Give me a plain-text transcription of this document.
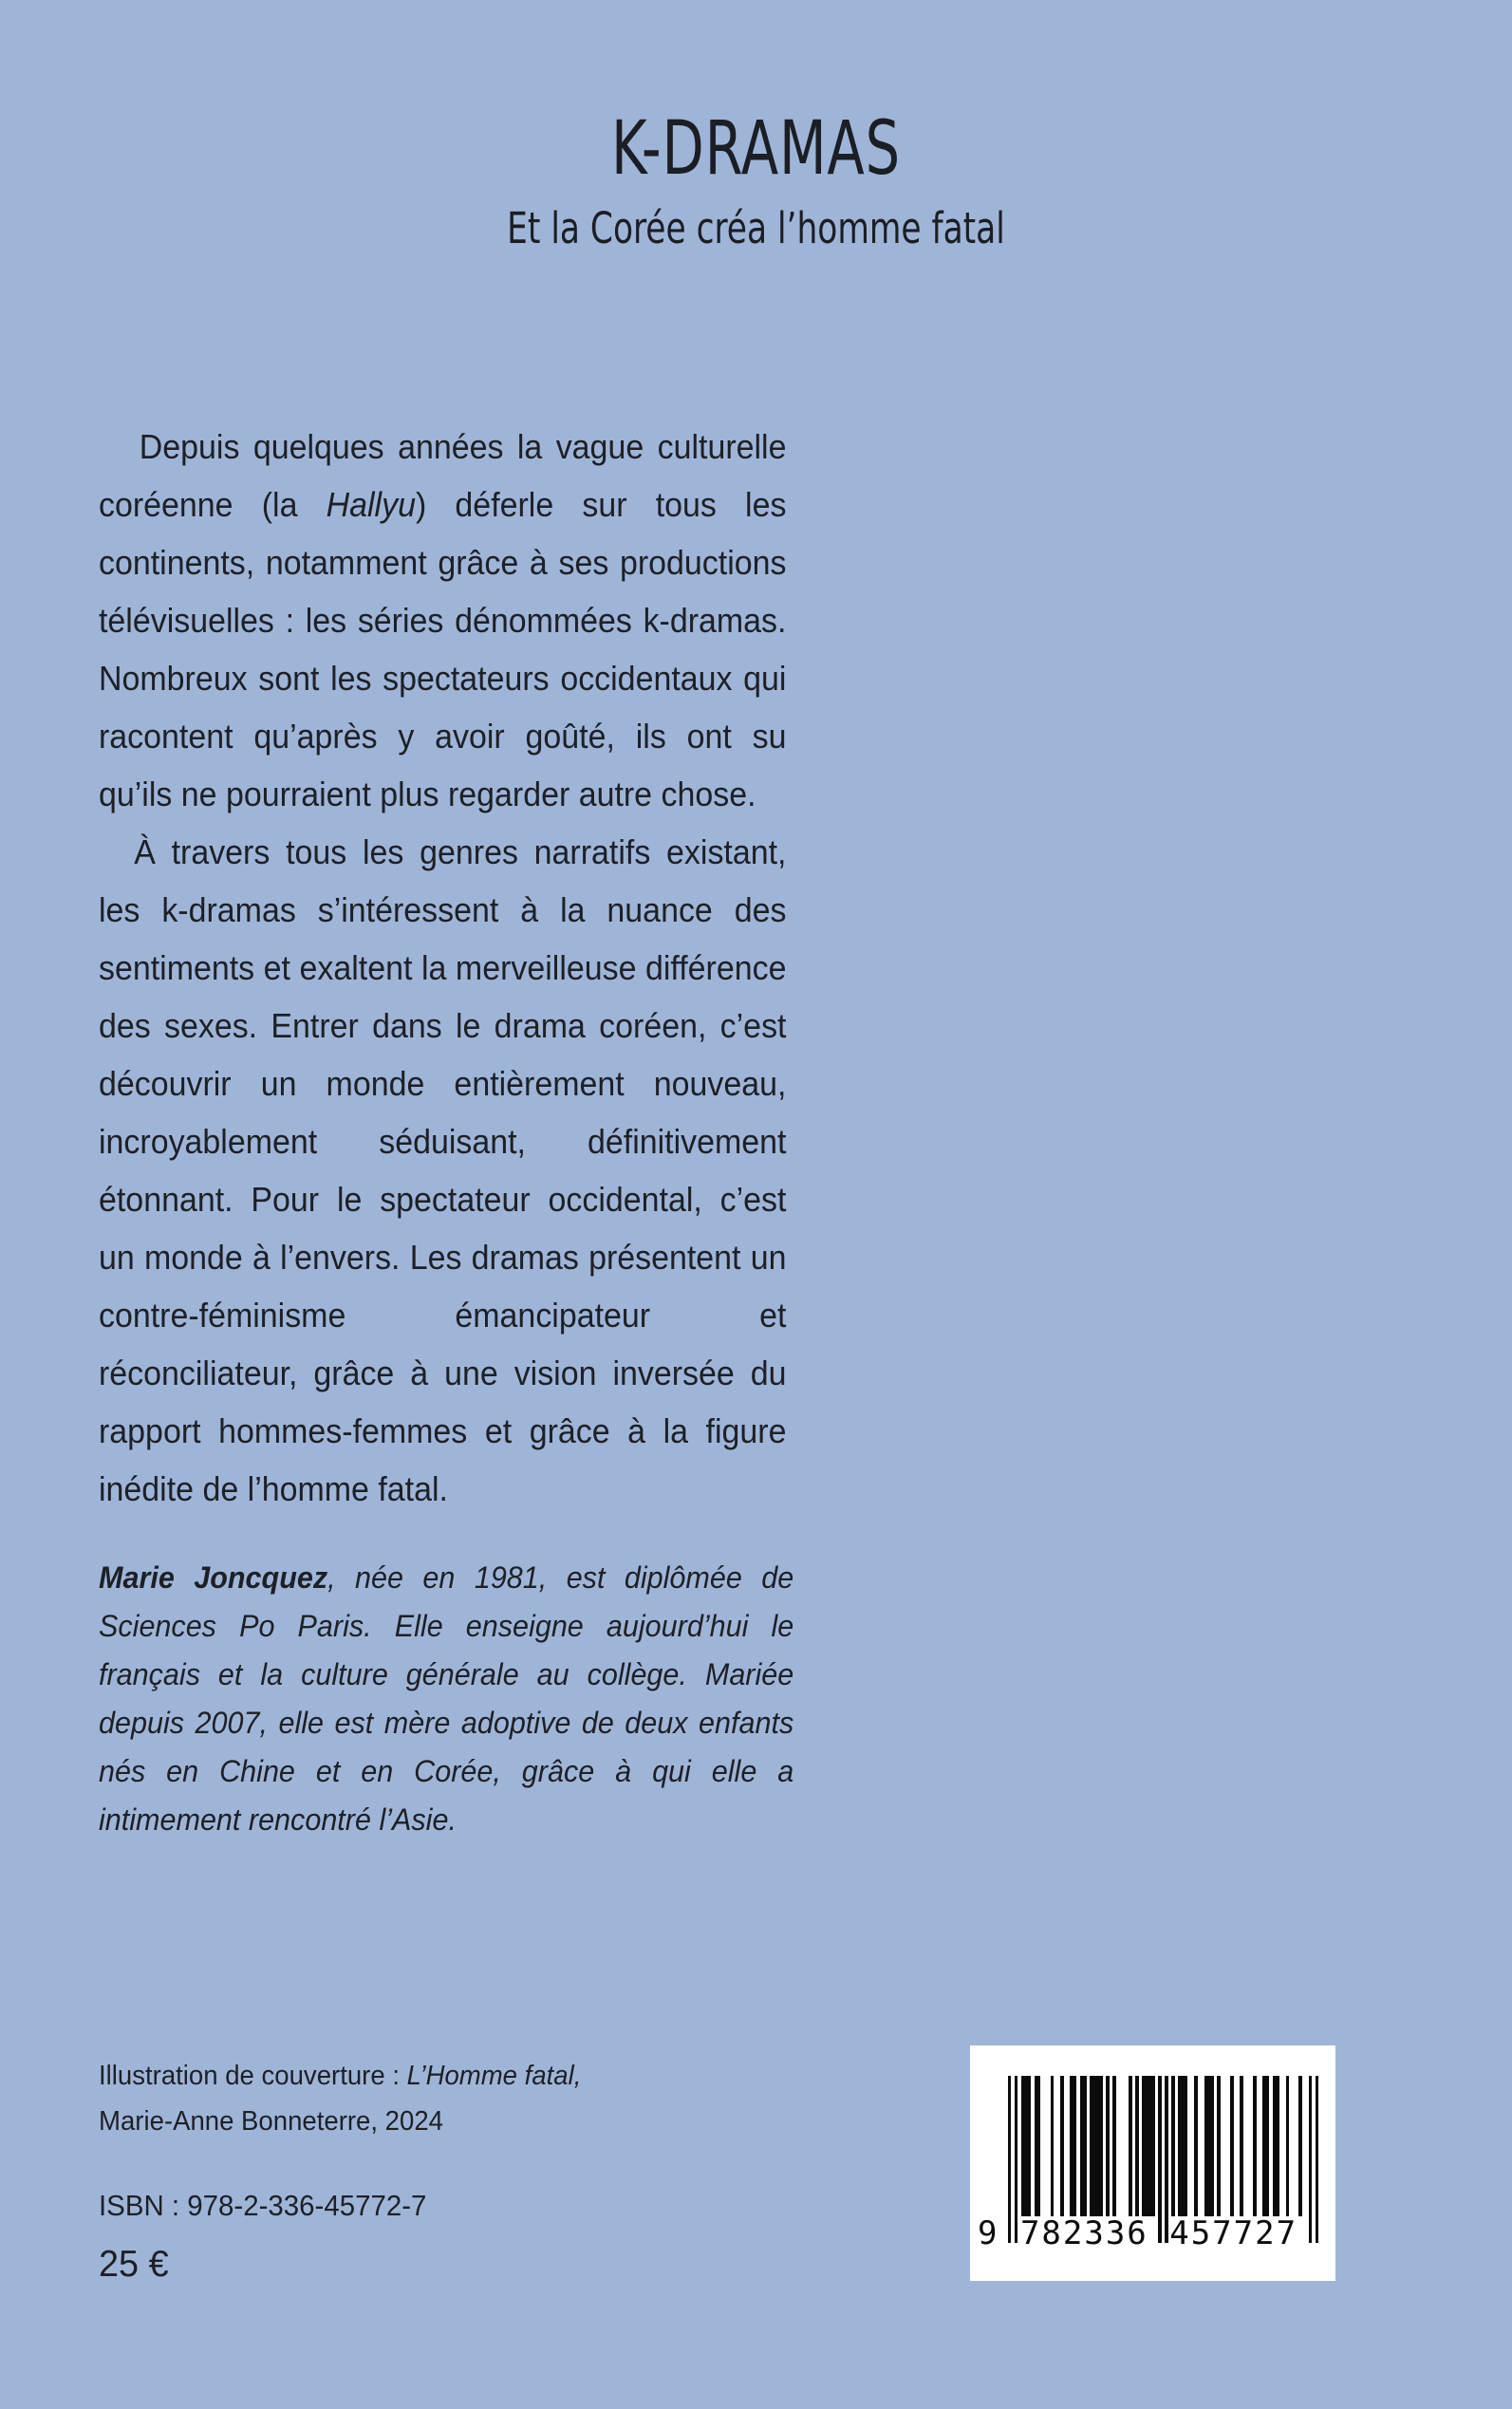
K-DRAMAS
Et la Corée créa l’homme fatal

Depuis quelques années la vague culturelle coréenne (la Hallyu) déferle sur tous les continents, notamment grâce à ses productions télévisuelles : les séries dénommées k-dramas. Nombreux sont les spectateurs occidentaux qui racontent qu’après y avoir goûté, ils ont su qu’ils ne pourraient plus regarder autre chose.

À travers tous les genres narratifs existant, les k-dramas s’intéressent à la nuance des sentiments et exaltent la merveilleuse différence des sexes. Entrer dans le drama coréen, c’est découvrir un monde entièrement nouveau, incroyablement séduisant, définitivement étonnant. Pour le spectateur occidental, c’est un monde à l’envers. Les dramas présentent un contre-féminisme émancipateur et réconciliateur, grâce à une vision inversée du rapport hommes-femmes et grâce à la figure inédite de l’homme fatal.

Marie Joncquez, née en 1981, est diplômée de Sciences Po Paris. Elle enseigne aujourd’hui le français et la culture générale au collège. Mariée depuis 2007, elle est mère adoptive de deux enfants nés en Chine et en Corée, grâce à qui elle a intimement rencontré l’Asie.
Illustration de couverture : L’Homme fatal,
Marie-Anne Bonneterre, 2024
ISBN : 978-2-336-45772-7
25 €
9 782336 457727
